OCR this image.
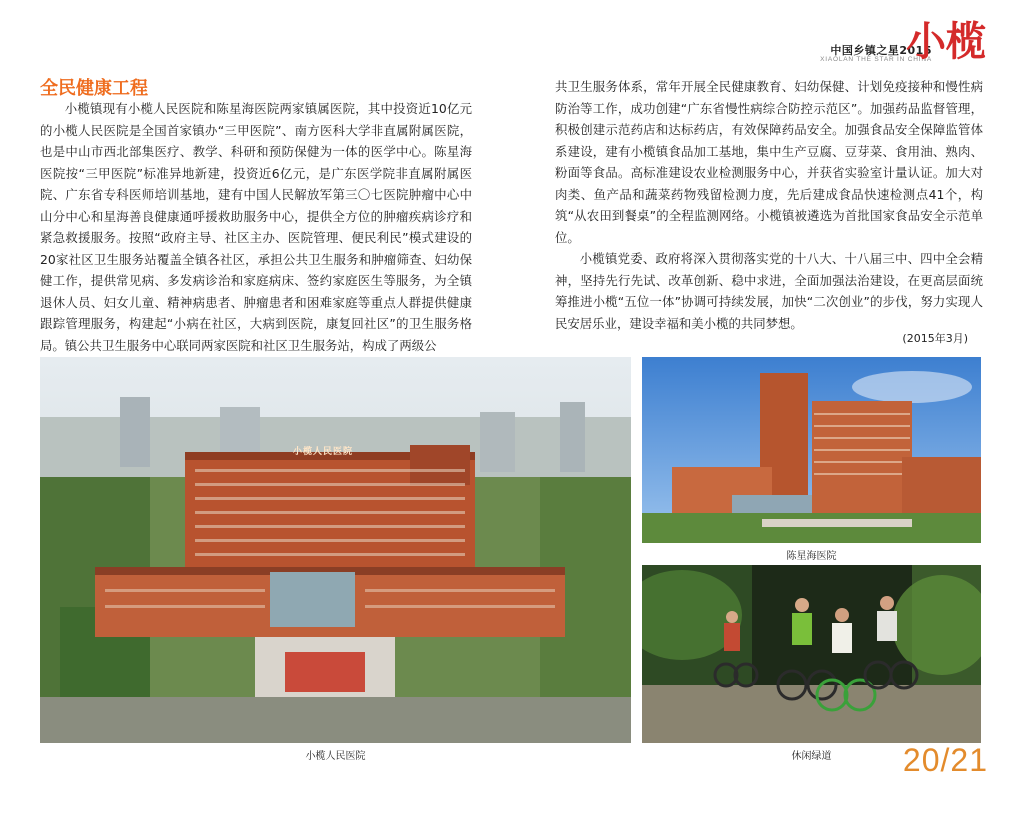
中国乡镇之星2015
XIAOLAN THE STAR IN CHINA
小榄
全民健康工程

小榄镇现有小榄人民医院和陈星海医院两家镇属医院，其中投资近10亿元的小榄人民医院是全国首家镇办“三甲医院”、南方医科大学非直属附属医院，也是中山市西北部集医疗、教学、科研和预防保健为一体的医学中心。陈星海医院按“三甲医院”标准异地新建，投资近6亿元，是广东医学院非直属附属医院、广东省专科医师培训基地，建有中国人民解放军第三〇七医院肿瘤中心中山分中心和星海善良健康通呼援救助服务中心，提供全方位的肿瘤疾病诊疗和紧急救援服务。按照“政府主导、社区主办、医院管理、便民利民”模式建设的20家社区卫生服务站覆盖全镇各社区，承担公共卫生服务和肿瘤筛查、妇幼保健工作，提供常见病、多发病诊治和家庭病床、签约家庭医生等服务，为全镇退休人员、妇女儿童、精神病患者、肿瘤患者和困难家庭等重点人群提供健康跟踪管理服务，构建起“小病在社区，大病到医院，康复回社区”的卫生服务格局。镇公共卫生服务中心联同两家医院和社区卫生服务站，构成了两级公

共卫生服务体系，常年开展全民健康教育、妇幼保健、计划免疫接种和慢性病防治等工作，成功创建“广东省慢性病综合防控示范区”。加强药品监督管理，积极创建示范药店和达标药店，有效保障药品安全。加强食品安全保障监管体系建设，建有小榄镇食品加工基地，集中生产豆腐、豆芽菜、食用油、熟肉、粉面等食品。高标准建设农业检测服务中心，并获省实验室计量认证。加大对肉类、鱼产品和蔬菜药物残留检测力度，先后建成食品快速检测点41个，构筑“从农田到餐桌”的全程监测网络。小榄镇被遴选为首批国家食品安全示范单位。

小榄镇党委、政府将深入贯彻落实党的十八大、十八届三中、四中全会精神，坚持先行先试、改革创新、稳中求进，全面加强法治建设，在更高层面统筹推进小榄“五位一体”协调可持续发展，加快“二次创业”的步伐，努力实现人民安居乐业，建设幸福和美小榄的共同梦想。

(2015年3月)
小榄人民医院
小榄人民医院
陈星海医院
休闲绿道	20/21
